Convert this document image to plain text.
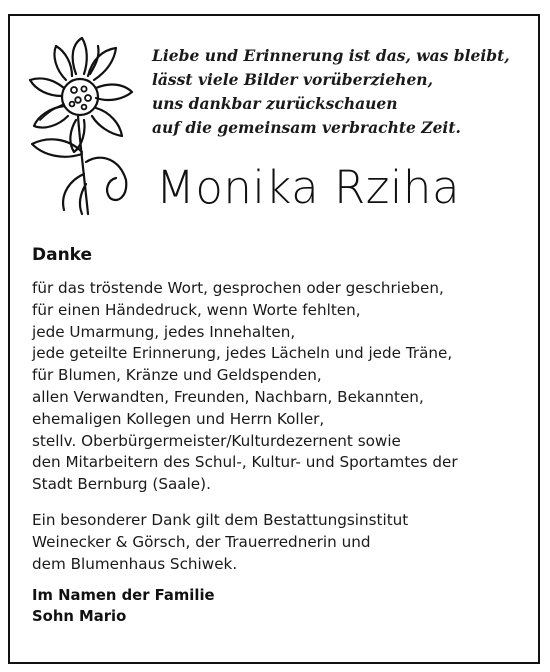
Liebe und Erinnerung ist das, was bleibt,
lässt viele Bilder vorüberziehen,
uns dankbar zurückschauen
auf die gemeinsam verbrachte Zeit.
Monika Rziha
Danke
für das tröstende Wort, gesprochen oder geschrieben,
für einen Händedruck, wenn Worte fehlten,
jede Umarmung, jedes Innehalten,
jede geteilte Erinnerung, jedes Lächeln und jede Träne,
für Blumen, Kränze und Geldspenden,
allen Verwandten, Freunden, Nachbarn, Bekannten,
ehemaligen Kollegen und Herrn Koller,
stellv. Oberbürgermeister/Kulturdezernent sowie
den Mitarbeitern des Schul-, Kultur- und Sportamtes der
Stadt Bernburg (Saale).
Ein besonderer Dank gilt dem Bestattungsinstitut
Weinecker & Görsch, der Trauerrednerin und
dem Blumenhaus Schiwek.
Im Namen der Familie
Sohn Mario
